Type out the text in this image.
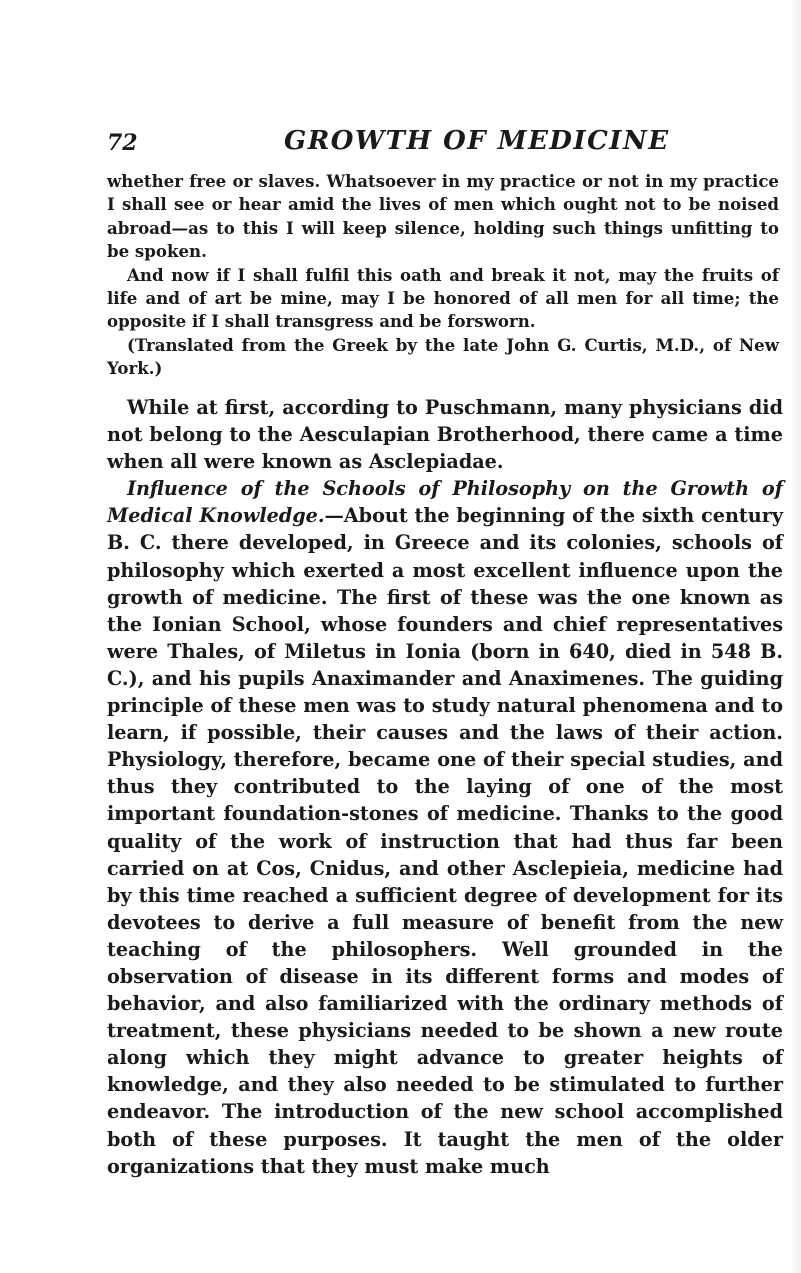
72	GROWTH OF MEDICINE

whether free or slaves. Whatsoever in my practice or not in my practice I shall see or hear amid the lives of men which ought not to be noised abroad—as to this I will keep silence, holding such things unfitting to be spoken.

And now if I shall fulfil this oath and break it not, may the fruits of life and of art be mine, may I be honored of all men for all time; the opposite if I shall transgress and be forsworn.

(Translated from the Greek by the late John G. Curtis, M.D., of New York.)

While at first, according to Puschmann, many physicians did not belong to the Aesculapian Brotherhood, there came a time when all were known as Asclepiadae.

Influence of the Schools of Philosophy on the Growth of Medical Knowledge.—About the beginning of the sixth century B. C. there developed, in Greece and its colonies, schools of philosophy which exerted a most excellent influence upon the growth of medicine. The first of these was the one known as the Ionian School, whose founders and chief representatives were Thales, of Miletus in Ionia (born in 640, died in 548 B. C.), and his pupils Anaximander and Anaximenes. The guiding principle of these men was to study natural phenomena and to learn, if possible, their causes and the laws of their action. Physiology, therefore, became one of their special studies, and thus they contributed to the laying of one of the most important foundation-stones of medicine. Thanks to the good quality of the work of instruction that had thus far been carried on at Cos, Cnidus, and other Asclepieia, medicine had by this time reached a sufficient degree of development for its devotees to derive a full measure of benefit from the new teaching of the philosophers. Well grounded in the observation of disease in its different forms and modes of behavior, and also familiarized with the ordinary methods of treatment, these physicians needed to be shown a new route along which they might advance to greater heights of knowledge, and they also needed to be stimulated to further endeavor. The introduction of the new school accomplished both of these purposes. It taught the men of the older organizations that they must make much
